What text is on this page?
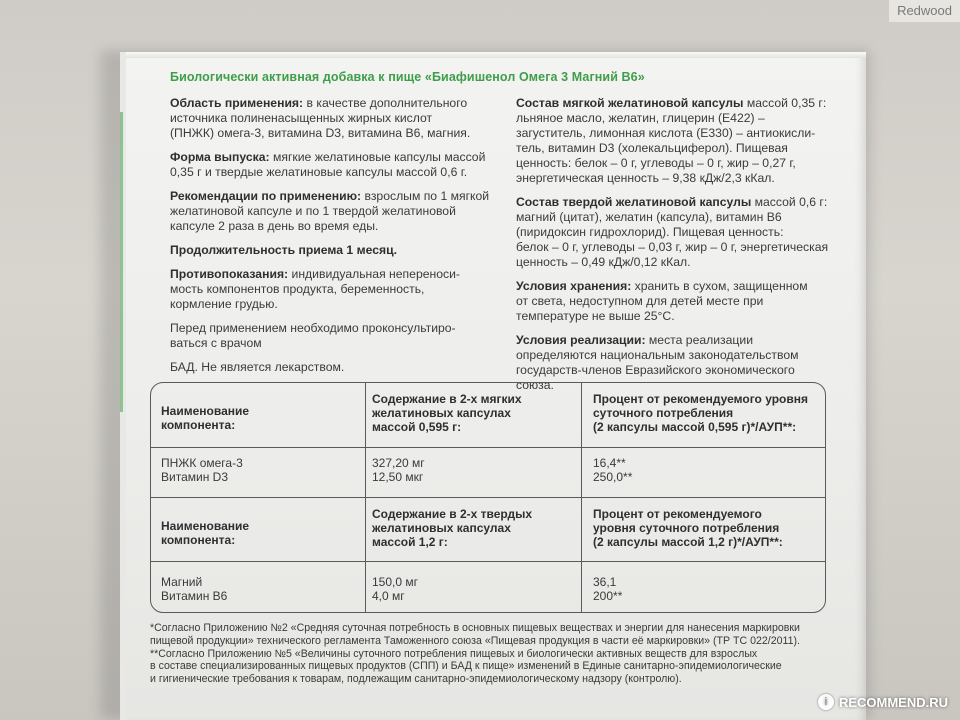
Биологически активная добавка к пище «Биафишенол Омега 3 Магний В6»

Область применения: в качестве дополнительного
источника полиненасыщенных жирных кислот
(ПНЖК) омега-3, витамина D3, витамина В6, магния.

Форма выпуска: мягкие желатиновые капсулы массой
0,35 г и твердые желатиновые капсулы массой 0,6 г.

Рекомендации по применению: взрослым по 1 мягкой
желатиновой капсуле и по 1 твердой желатиновой
капсуле 2 раза в день во время еды.

Продолжительность приема 1 месяц.

Противопоказания: индивидуальная непереноси-
мость компонентов продукта, беременность,
кормление грудью.

Перед применением необходимо проконсультиро-
ваться с врачом

БАД. Не является лекарством.

Состав мягкой желатиновой капсулы массой 0,35 г:
льняное масло, желатин, глицерин (Е422) –
загуститель, лимонная кислота (Е330) – антиокисли-
тель, витамин D3 (холекальциферол). Пищевая
ценность: белок – 0 г, углеводы – 0 г, жир – 0,27 г,
энергетическая ценность – 9,38 кДж/2,3 кКал.

Состав твердой желатиновой капсулы массой 0,6 г:
магний (цитат), желатин (капсула), витамин В6
(пиридоксин гидрохлорид). Пищевая ценность:
белок – 0 г, углеводы – 0,03 г, жир – 0 г, энергетическая
ценность – 0,49 кДж/0,12 кКал.

Условия хранения: хранить в сухом, защищенном
от света, недоступном для детей месте при
температуре не выше 25°С.

Условия реализации: места реализации
определяются национальным законодательством
государств-членов Евразийского экономического
союза.

Наименование
компонента:
Содержание в 2-х мягких
желатиновых капсулах
массой 0,595 г:
Процент от рекомендуемого уровня
суточного потребления
(2 капсулы массой 0,595 г)*/АУП**:
ПНЖК омега-3
Витамин D3
327,20 мг
12,50 мкг
16,4**
250,0**
Наименование
компонента:
Содержание в 2-х твердых
желатиновых капсулах
массой 1,2 г:
Процент от рекомендуемого
уровня суточного потребления
(2 капсулы массой 1,2 г)*/АУП**:
Магний
Витамин В6
150,0 мг
4,0 мг
36,1
200**

*Согласно Приложению №2 «Средняя суточная потребность в основных пищевых веществах и энергии для нанесения маркировки

пищевой продукции» технического регламента Таможенного союза «Пищевая продукция в части её маркировки» (ТР ТС 022/2011).

**Согласно Приложению №5 «Величины суточного потребления пищевых и биологически активных веществ для взрослых

в составе специализированных пищевых продуктов (СПП) и БАД к пище» изменений в Единые санитарно-эпидемиологические

и гигиенические требования к товарам, подлежащим санитарно-эпидемиологическому надзору (контролю).

Redwood
i RECOMMEND.RU
